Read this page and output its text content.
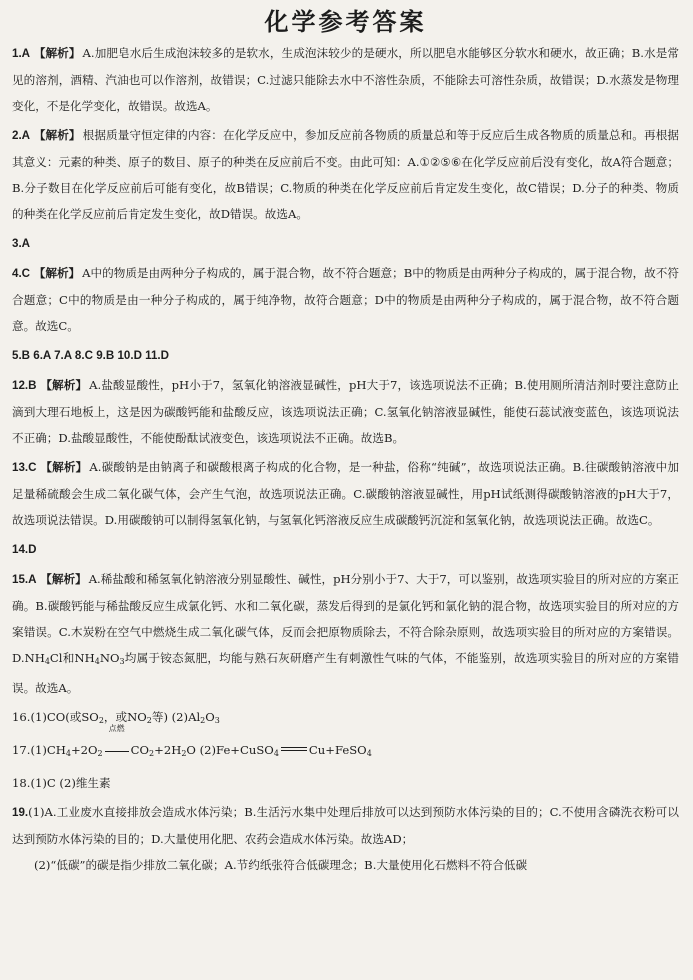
化学参考答案
1.A 【解析】 A.加肥皂水后生成泡沫较多的是软水，生成泡沫较少的是硬水，所以肥皂水能够区分软水和硬水，故正确；B.水是常见的溶剂，酒精、汽油也可以作溶剂，故错误；C.过滤只能除去水中不溶性杂质，不能除去可溶性杂质，故错误；D.水蒸发是物理变化，不是化学变化，故错误。故选A。
2.A 【解析】 根据质量守恒定律的内容：在化学反应中，参加反应前各物质的质量总和等于反应后生成各物质的质量总和。再根据其意义：元素的种类、原子的数目、原子的种类在反应前后不变。由此可知：A.①②⑤⑥在化学反应前后没有变化，故A符合题意；B.分子数目在化学反应前后可能有变化，故B错误；C.物质的种类在化学反应前后肯定发生变化，故C错误；D.分子的种类、物质的种类在化学反应前后肯定发生变化，故D错误。故选A。
3.A
4.C 【解析】 A中的物质是由两种分子构成的，属于混合物，故不符合题意；B中的物质是由两种分子构成的，属于混合物，故不符合题意；C中的物质是由一种分子构成的，属于纯净物，故符合题意；D中的物质是由两种分子构成的，属于混合物，故不符合题意。故选C。
5.B 6.A 7.A 8.C 9.B 10.D 11.D
12.B 【解析】 A.盐酸显酸性，pH小于7，氢氧化钠溶液显碱性，pH大于7，该选项说法不正确；B.使用厕所清洁剂时要注意防止滴到大理石地板上，这是因为碳酸钙能和盐酸反应，该选项说法正确；C.氢氧化钠溶液显碱性，能使石蕊试液变蓝色，该选项说法不正确；D.盐酸显酸性，不能使酚酞试液变色，该选项说法不正确。故选B。
13.C 【解析】 A.碳酸钠是由钠离子和碳酸根离子构成的化合物，是一种盐，俗称“纯碱”，故选项说法正确。B.往碳酸钠溶液中加足量稀硫酸会生成二氧化碳气体，会产生气泡，故选项说法正确。C.碳酸钠溶液显碱性，用pH试纸测得碳酸钠溶液的pH大于7，故选项说法错误。D.用碳酸钠可以制得氢氧化钠，与氢氧化钙溶液反应生成碳酸钙沉淀和氢氧化钠，故选项说法正确。故选C。
14.D
15.A 【解析】 A.稀盐酸和稀氢氧化钠溶液分别显酸性、碱性，pH分别小于7、大于7，可以鉴别，故选项实验目的所对应的方案正确。B.碳酸钙能与稀盐酸反应生成氯化钙、水和二氧化碳，蒸发后得到的是氯化钙和氯化钠的混合物，故选项实验目的所对应的方案错误。C.木炭粉在空气中燃烧生成二氧化碳气体，反而会把原物质除去，不符合除杂原则，故选项实验目的所对应的方案错误。$D.NH_4Cl$和$NH_4NO_3$均属于铵态氮肥，均能与熟石灰研磨产生有刺激性气味的气体，不能鉴别，故选项实验目的所对应的方案错误。故选A。
16.(1)CO(或$SO_2$，或$NO_2$等) $(2)Al_2O_3$
$17.(1)CH_4+2O_2$
点燃
$CO_2+2H_2O$ (2)Fe+CuSO$_4$	Cu+FeSO$_4$
18.(1)C (2)维生素
19.(1)A.工业废水直接排放会造成水体污染；B.生活污水集中处理后排放可以达到预防水体污染的目的；C.不使用含磷洗衣粉可以达到预防水体污染的目的；D.大量使用化肥、农药会造成水体污染。故选AD；
(2)“低碳”的碳是指少排放二氧化碳；A.节约纸张符合低碳理念；B.大量使用化石燃料不符合低碳
